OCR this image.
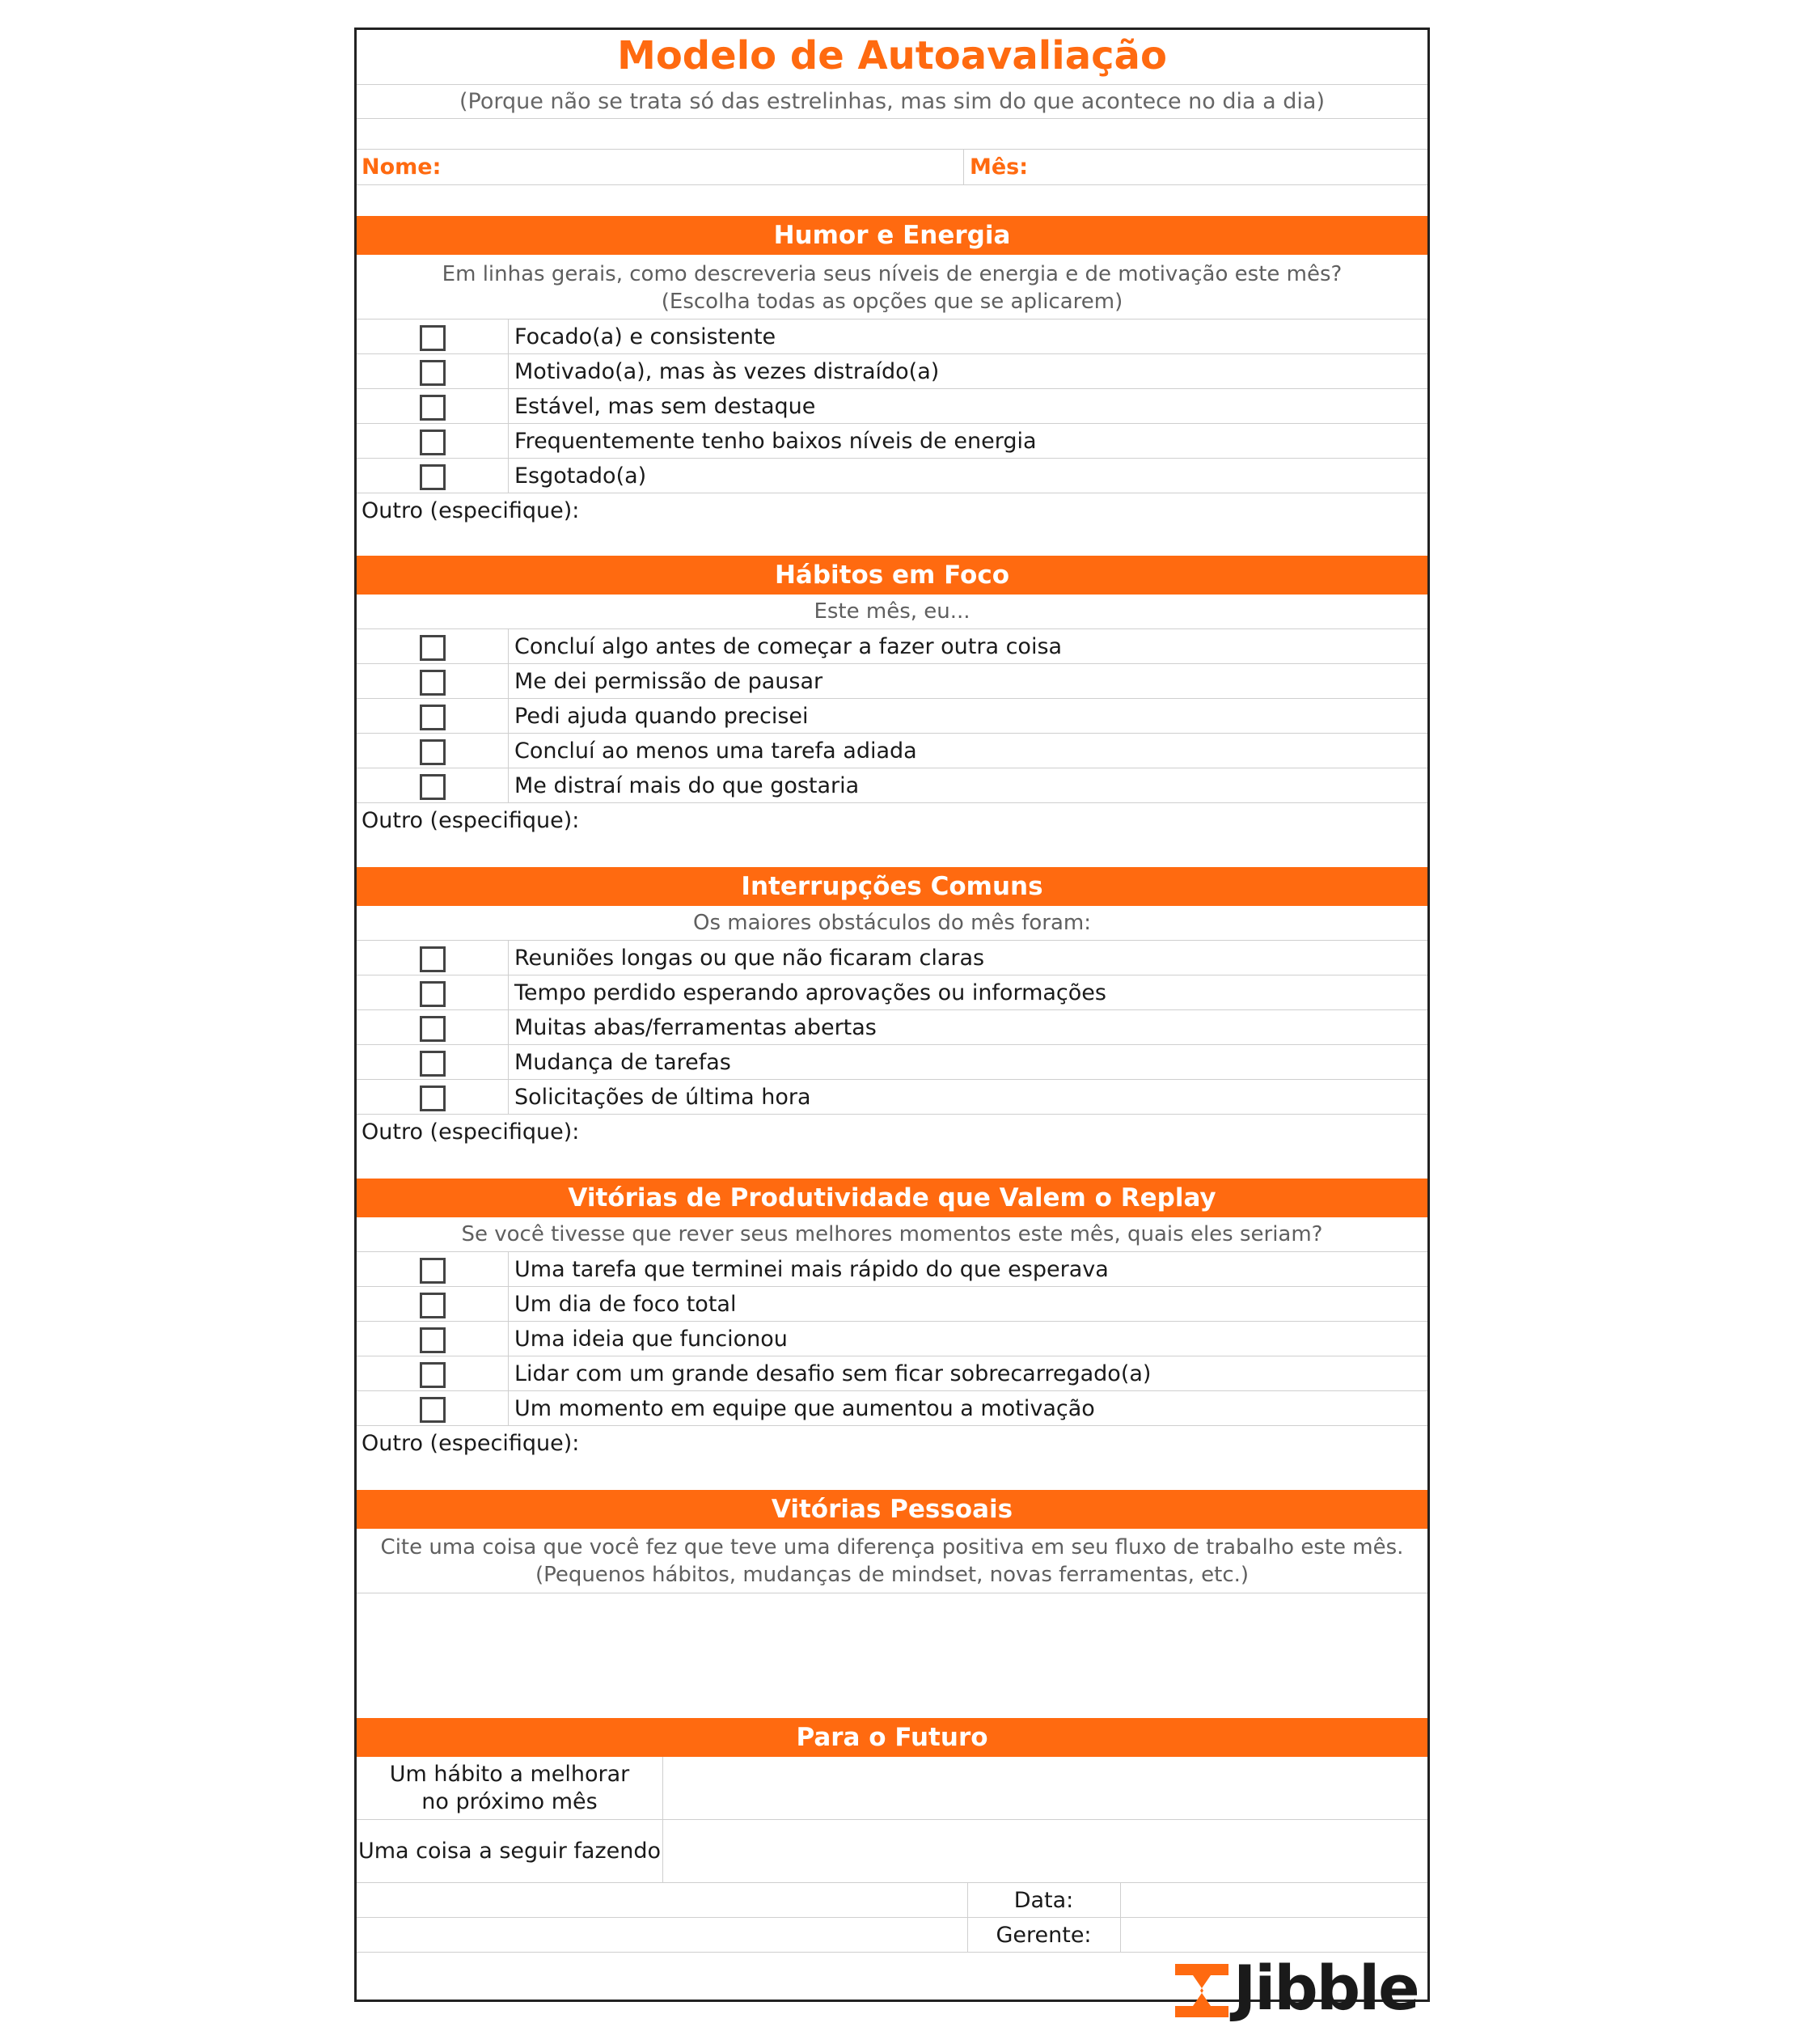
Modelo de Autoavaliação
(Porque não se trata só das estrelinhas, mas sim do que acontece no dia a dia)
Nome:	Mês:
Humor e Energia
Em linhas gerais, como descreveria seus níveis de energia e de motivação este mês?
(Escolha todas as opções que se aplicarem)
Focado(a) e consistente
Motivado(a), mas às vezes distraído(a)
Estável, mas sem destaque
Frequentemente tenho baixos níveis de energia
Esgotado(a)
Outro (especifique):
Hábitos em Foco
Este mês, eu...
Concluí algo antes de começar a fazer outra coisa
Me dei permissão de pausar
Pedi ajuda quando precisei
Concluí ao menos uma tarefa adiada
Me distraí mais do que gostaria
Outro (especifique):
Interrupções Comuns
Os maiores obstáculos do mês foram:
Reuniões longas ou que não ficaram claras
Tempo perdido esperando aprovações ou informações
Muitas abas/ferramentas abertas
Mudança de tarefas
Solicitações de última hora
Outro (especifique):
Vitórias de Produtividade que Valem o Replay
Se você tivesse que rever seus melhores momentos este mês, quais eles seriam?
Uma tarefa que terminei mais rápido do que esperava
Um dia de foco total
Uma ideia que funcionou
Lidar com um grande desafio sem ficar sobrecarregado(a)
Um momento em equipe que aumentou a motivação
Outro (especifique):
Vitórias Pessoais
Cite uma coisa que você fez que teve uma diferença positiva em seu fluxo de trabalho este mês.
(Pequenos hábitos, mudanças de mindset, novas ferramentas, etc.)
Para o Futuro
Um hábito a melhorar no próximo mês
Uma coisa a seguir fazendo
Data:
Gerente:
Jibble
